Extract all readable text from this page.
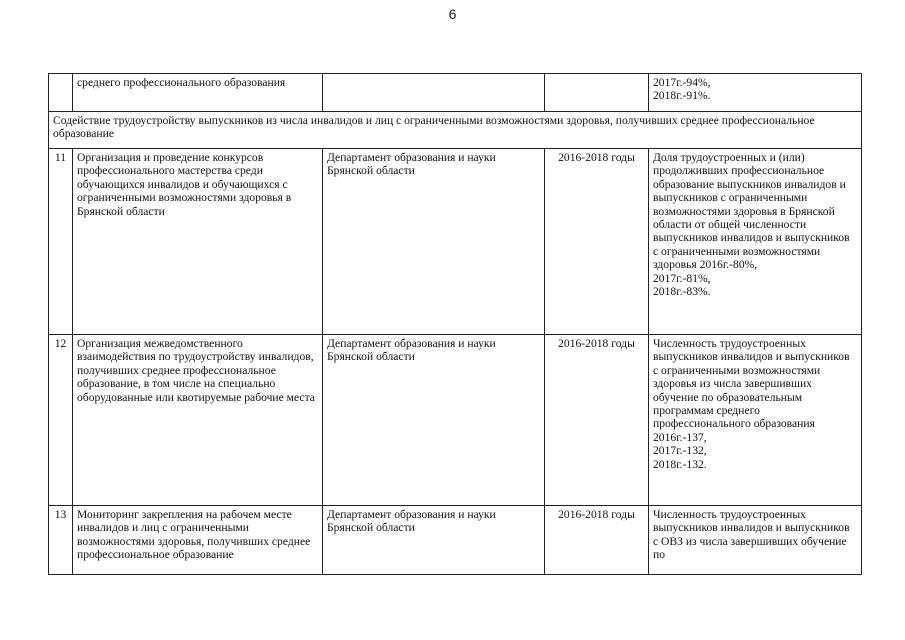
6
	среднего профессионального образования			2017г.-94%,
2018г.-91%.
Содействие трудоустройству выпускников из числа инвалидов и лиц с ограниченными возможностями здоровья, получивших среднее профессиональное образование				
11	Организация и проведение конкурсов профессионального мастерства среди обучающихся инвалидов и обучающихся с ограниченными возможностями здоровья в Брянской области	Департамент образования и науки Брянской области	2016-2018 годы	Доля трудоустроенных и (или) продолживших профессиональное образование выпускников инвалидов и выпускников с ограниченными возможностями здоровья в Брянской области от общей численности выпускников инвалидов и выпускников с ограниченными возможностями здоровья 2016г.-80%,
2017г.-81%,
2018г.-83%.
12	Организация межведомственного взаимодействия по трудоустройству инвалидов, получивших среднее профессиональное образование, в том числе на специально оборудованные или квотируемые рабочие места	Департамент образования и науки Брянской области	2016-2018 годы	Численность трудоустроенных выпускников инвалидов и выпускников с ограниченными возможностями здоровья из числа завершивших обучение по образовательным программам среднего профессионального образования
2016г.-137,
2017г.-132,
2018г.-132.
13	Мониторинг закрепления на рабочем месте инвалидов и лиц с ограниченными возможностями здоровья, получивших среднее профессиональное образование	Департамент образования и науки Брянской области	2016-2018 годы	Численность трудоустроенных выпускников инвалидов и выпускников с ОВЗ из числа завершивших обучение по
